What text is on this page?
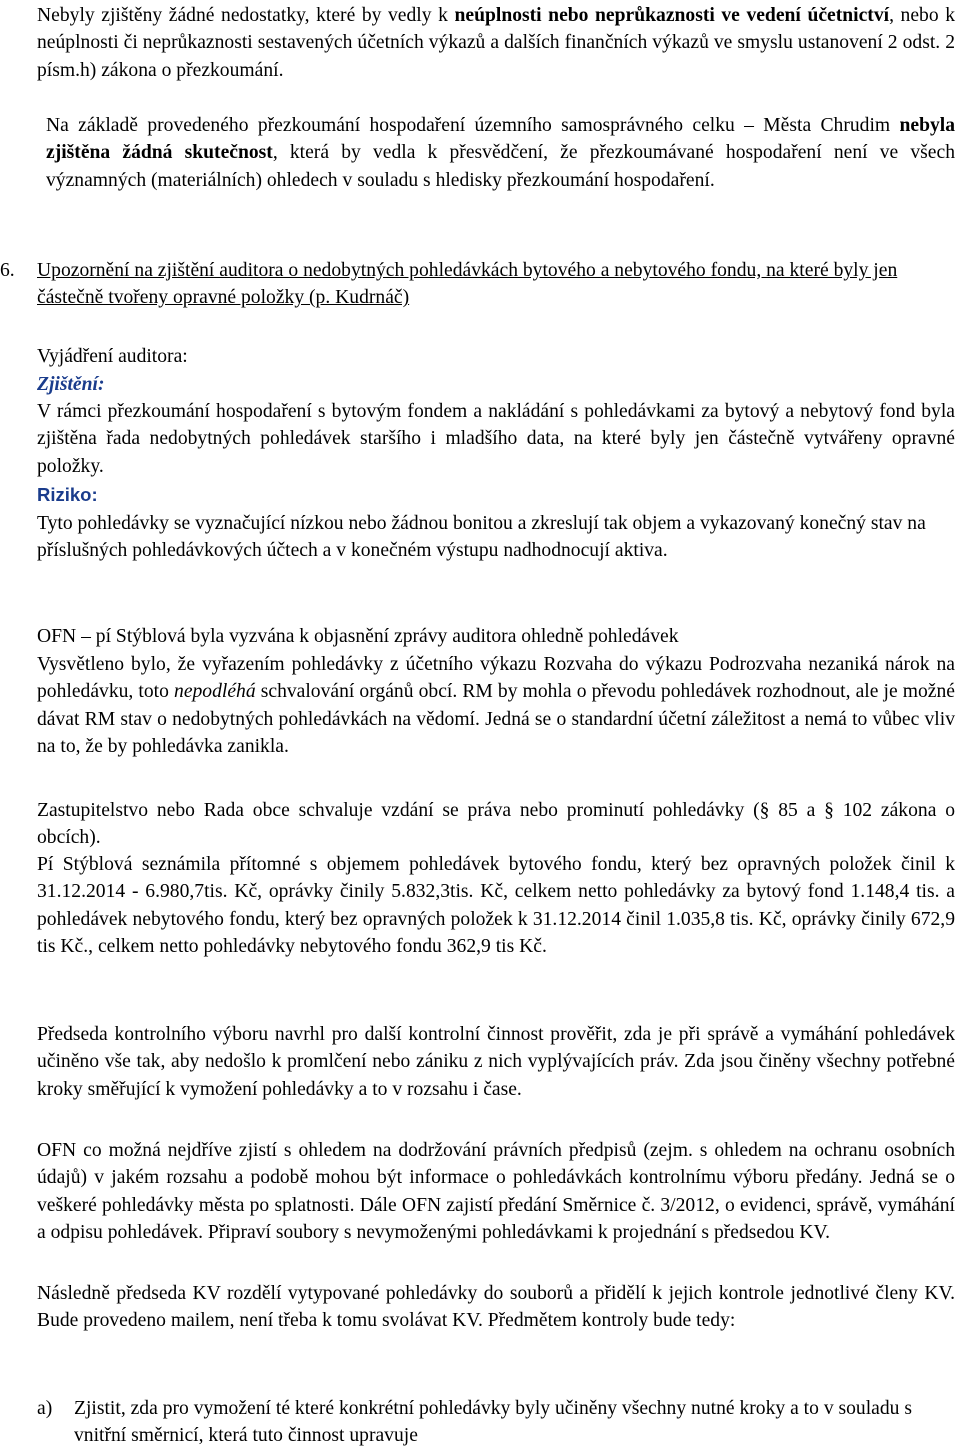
Nebyly zjištěny žádné nedostatky, které by vedly k neúplnosti nebo neprůkaznosti ve vedení účetnictví, nebo k neúplnosti či neprůkaznosti sestavených účetních výkazů a dalších finančních výkazů ve smyslu ustanovení 2 odst. 2 písm.h) zákona o přezkoumání.

Na základě provedeného přezkoumání hospodaření územního samosprávného celku – Města Chrudim nebyla zjištěna žádná skutečnost, která by vedla k přesvědčení, že přezkoumávané hospodaření není ve všech významných (materiálních) ohledech v souladu s hledisky přezkoumání hospodaření.

6. Upozornění na zjištění auditora o nedobytných pohledávkách bytového a nebytového fondu, na které byly jen částečně tvořeny opravné položky (p. Kudrnáč)

Vyjádření auditora:

Zjištění:

V rámci přezkoumání hospodaření s bytovým fondem a nakládání s pohledávkami za bytový a nebytový fond byla zjištěna řada nedobytných pohledávek staršího i mladšího data, na které byly jen částečně vytvářeny opravné položky.

Riziko:

Tyto pohledávky se vyznačující nízkou nebo žádnou bonitou a zkreslují tak objem a vykazovaný konečný stav na příslušných pohledávkových účtech a v konečném výstupu nadhodnocují aktiva.

OFN – pí Stýblová byla vyzvána k objasnění zprávy auditora ohledně pohledávek

Vysvětleno bylo, že vyřazením pohledávky z účetního výkazu Rozvaha do výkazu Podrozvaha nezaniká nárok na pohledávku, toto nepodléhá schvalování orgánů obcí. RM by mohla o převodu pohledávek rozhodnout, ale je možné dávat RM stav o nedobytných pohledávkách na vědomí. Jedná se o standardní účetní záležitost a nemá to vůbec vliv na to, že by pohledávka zanikla.

Zastupitelstvo nebo Rada obce schvaluje vzdání se práva nebo prominutí pohledávky (§ 85 a § 102 zákona o obcích).

Pí Stýblová seznámila přítomné s objemem pohledávek bytového fondu, který bez opravných položek činil k 31.12.2014 - 6.980,7tis. Kč, oprávky činily 5.832,3tis. Kč, celkem netto pohledávky za bytový fond 1.148,4 tis. a pohledávek nebytového fondu, který bez opravných položek k 31.12.2014 činil 1.035,8 tis. Kč, oprávky činily 672,9 tis Kč., celkem netto pohledávky nebytového fondu 362,9 tis Kč.

Předseda kontrolního výboru navrhl pro další kontrolní činnost prověřit, zda je při správě a vymáhání pohledávek učiněno vše tak, aby nedošlo k promlčení nebo zániku z nich vyplývajících práv. Zda jsou činěny všechny potřebné kroky směřující k vymožení pohledávky a to v rozsahu i čase.

OFN co možná nejdříve zjistí s ohledem na dodržování právních předpisů (zejm. s ohledem na ochranu osobních údajů) v jakém rozsahu a podobě mohou být informace o pohledávkách kontrolnímu výboru předány. Jedná se o veškeré pohledávky města po splatnosti. Dále OFN zajistí předání Směrnice č. 3/2012, o evidenci, správě, vymáhání a odpisu pohledávek. Připraví soubory s nevymoženými pohledávkami k projednání s předsedou KV.

Následně předseda KV rozdělí vytypované pohledávky do souborů a přidělí k jejich kontrole jednotlivé členy KV. Bude provedeno mailem, není třeba k tomu svolávat KV. Předmětem kontroly bude tedy:

a) Zjistit, zda pro vymožení té které konkrétní pohledávky byly učiněny všechny nutné kroky a to v souladu s vnitřní směrnicí, která tuto činnost upravuje
